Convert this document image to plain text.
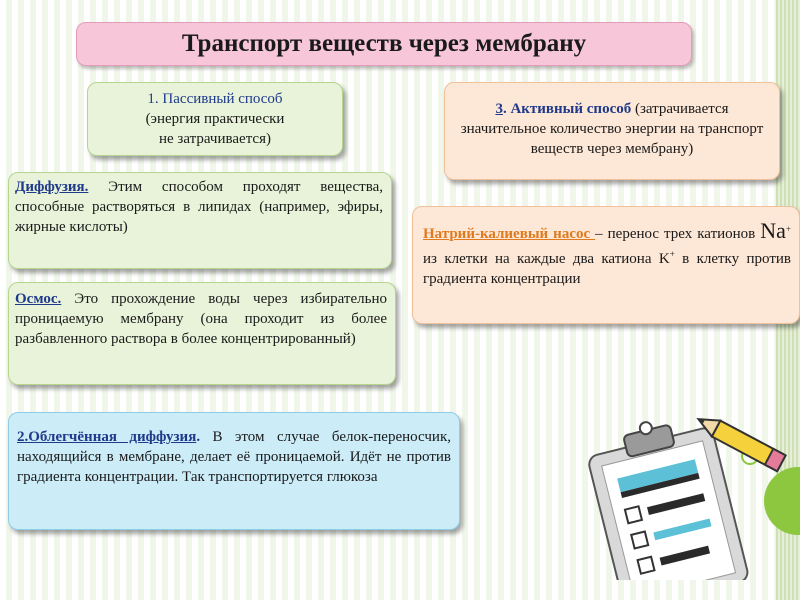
Транспорт веществ через мембрану
1. Пассивный способ
(энергия практически
не затрачивается)
3. Активный способ (затрачивается значительное количество энергии на транспорт веществ через мембрану)
Диффузия. Этим способом проходят вещества, способные растворяться в липидах (например, эфиры, жирные кислоты)	Натрий-калиевый насос – перенос трех катионов Na+ из клетки на каждые два катиона K+ в клетку против градиента концентрации
Осмос. Это прохождение воды через избирательно проницаемую мембрану (она проходит из более разбавленного раствора в более концентрированный)
2.Облегчённая диффузия. В этом случае белок-переносчик, находящийся в мембране, делает её проницаемой. Идёт не против градиента концентрации. Так транспортируется глюкоза
